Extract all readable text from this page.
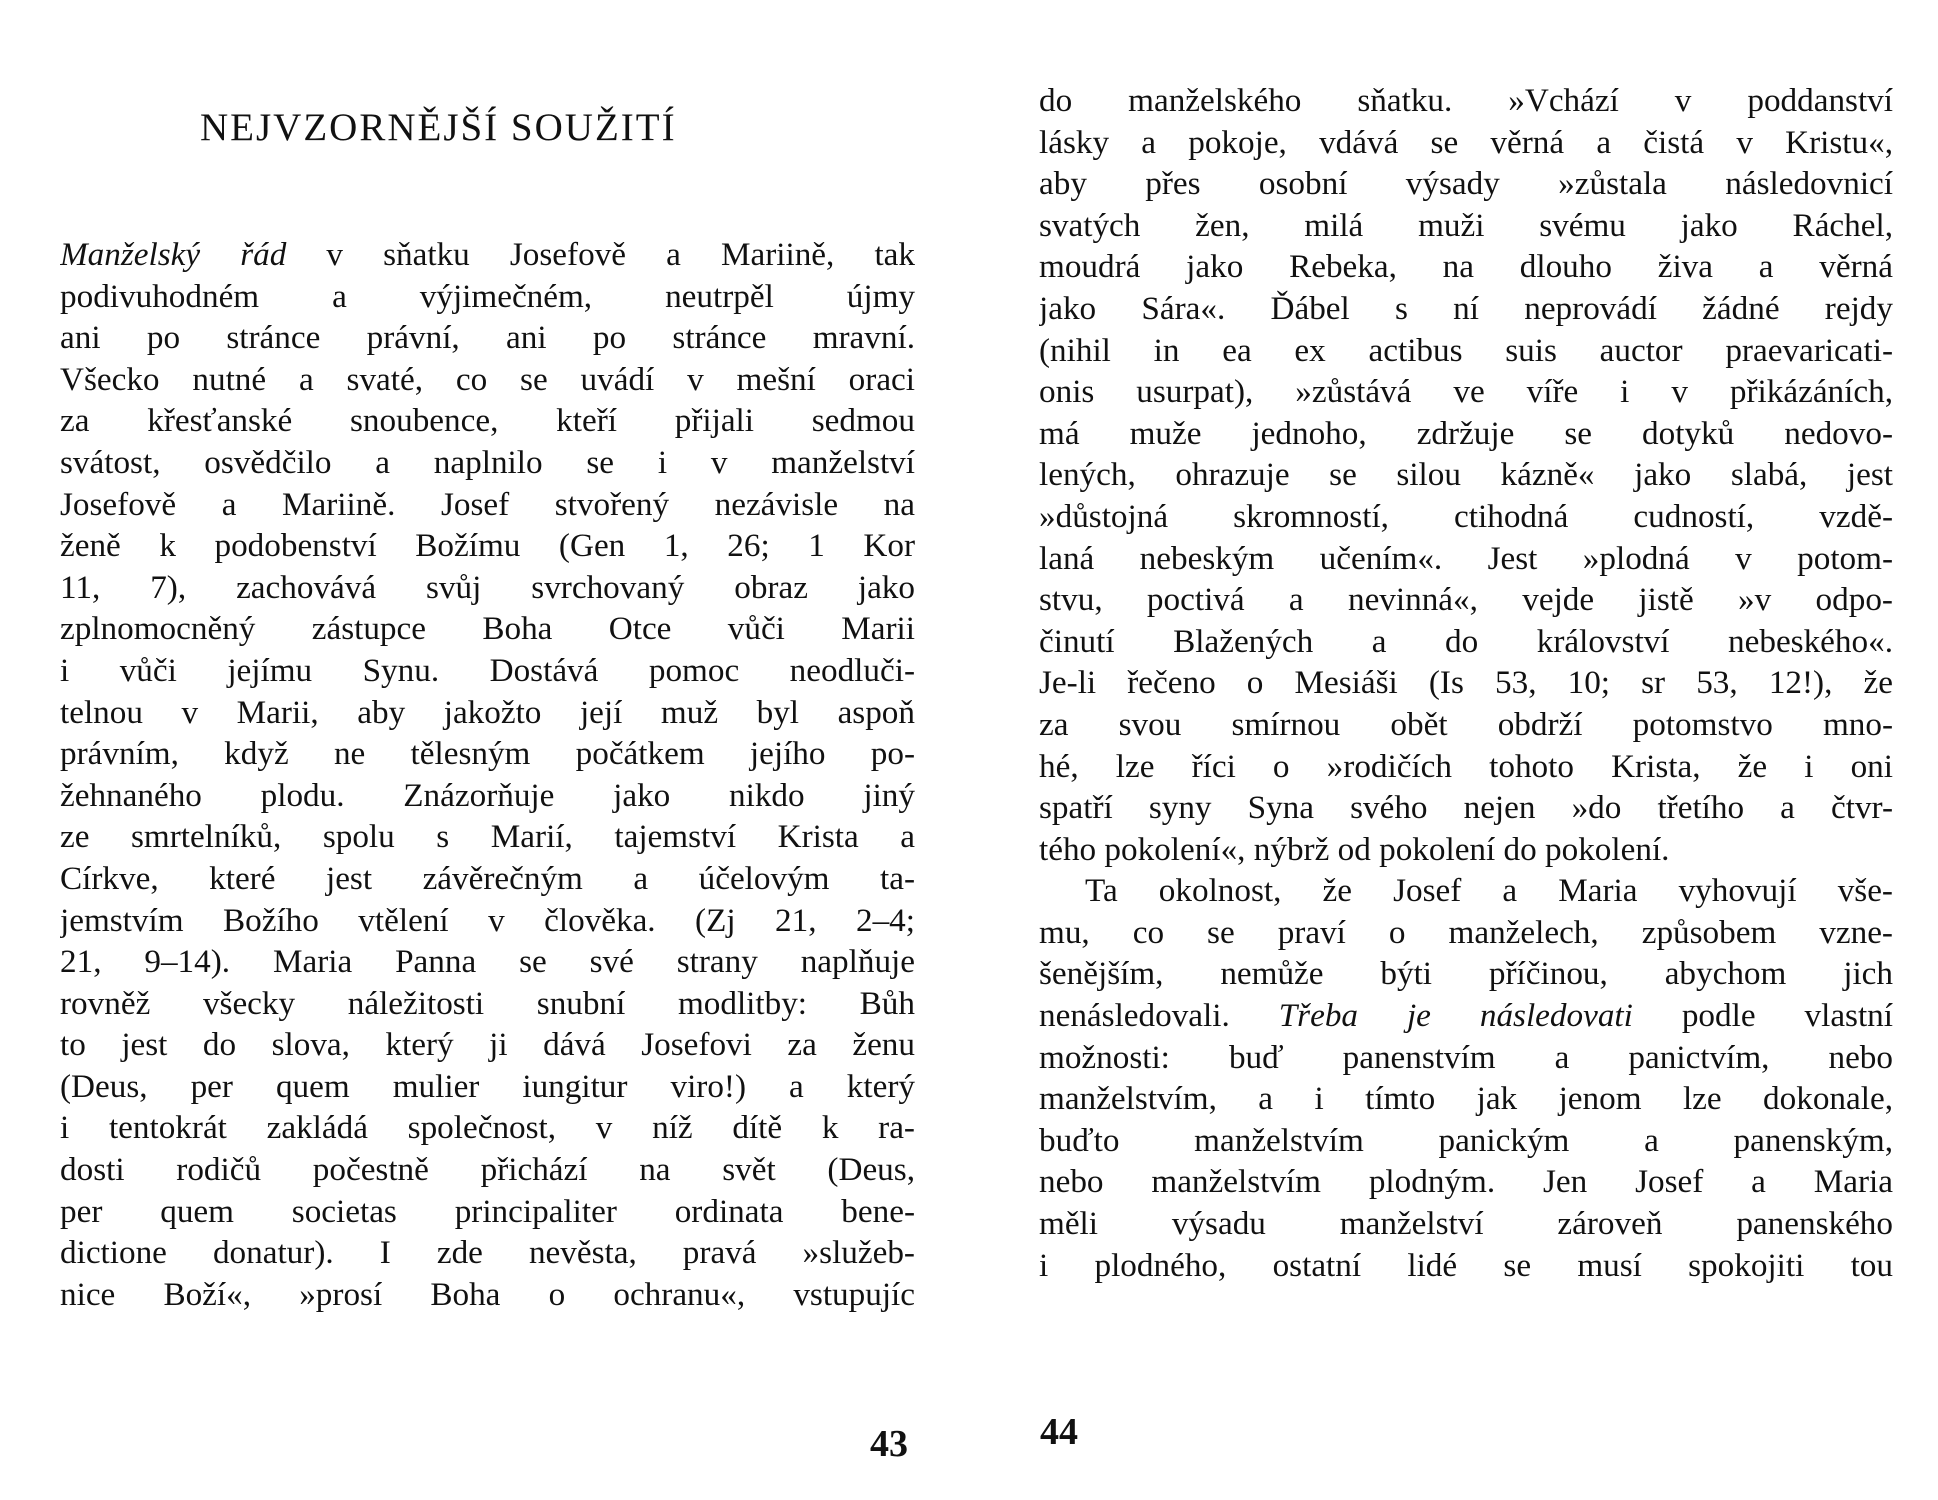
NEJVZORNĚJŠÍ SOUŽITÍ
Manželský řád v sňatku Josefově a Mariině, tak
podivuhodném a výjimečném, neutrpěl újmy
ani po stránce právní, ani po stránce mravní.
Všecko nutné a svaté, co se uvádí v mešní oraci
za křesťanské snoubence, kteří přijali sedmou
svátost, osvědčilo a naplnilo se i v manželství
Josefově a Mariině. Josef stvořený nezávisle na
ženě k podobenství Božímu (Gen 1, 26; 1 Kor
11, 7), zachovává svůj svrchovaný obraz jako
zplnomocněný zástupce Boha Otce vůči Marii
i vůči jejímu Synu. Dostává pomoc neodluči-
telnou v Marii, aby jakožto její muž byl aspoň
právním, když ne tělesným počátkem jejího po-
žehnaného plodu. Znázorňuje jako nikdo jiný
ze smrtelníků, spolu s Marií, tajemství Krista a
Církve, které jest závěrečným a účelovým ta-
jemstvím Božího vtělení v člověka. (Zj 21, 2–4;
21, 9–14). Maria Panna se své strany naplňuje
rovněž všecky náležitosti snubní modlitby: Bůh
to jest do slova, který ji dává Josefovi za ženu
(Deus, per quem mulier iungitur viro!) a který
i tentokrát zakládá společnost, v níž dítě k ra-
dosti rodičů počestně přichází na svět (Deus,
per quem societas principaliter ordinata bene-
dictione donatur). I zde nevěsta, pravá »služeb-
nice Boží«, »prosí Boha o ochranu«, vstupujíc
43
do manželského sňatku. »Vchází v poddanství
lásky a pokoje, vdává se věrná a čistá v Kristu«,
aby přes osobní výsady »zůstala následovnicí
svatých žen, milá muži svému jako Ráchel,
moudrá jako Rebeka, na dlouho živa a věrná
jako Sára«. Ďábel s ní neprovádí žádné rejdy
(nihil in ea ex actibus suis auctor praevaricati-
onis usurpat), »zůstává ve víře i v přikázáních,
má muže jednoho, zdržuje se dotyků nedovo-
lených, ohrazuje se silou kázně« jako slabá, jest
»důstojná skromností, ctihodná cudností, vzdě-
laná nebeským učením«. Jest »plodná v potom-
stvu, poctivá a nevinná«, vejde jistě »v odpo-
činutí Blažených a do království nebeského«.
Je-li řečeno o Mesiáši (Is 53, 10; sr 53, 12!), že
za svou smírnou obět obdrží potomstvo mno-
hé, lze říci o »rodičích tohoto Krista, že i oni
spatří syny Syna svého nejen »do třetího a čtvr-
tého pokolení«, nýbrž od pokolení do pokolení.
Ta okolnost, že Josef a Maria vyhovují vše-
mu, co se praví o manželech, způsobem vzne-
šenějším, nemůže býti příčinou, abychom jich
nenásledovali. Třeba je následovati podle vlastní
možnosti: buď panenstvím a panictvím, nebo
manželstvím, a i tímto jak jenom lze dokonale,
buďto manželstvím panickým a panenským,
nebo manželstvím plodným. Jen Josef a Maria
měli výsadu manželství zároveň panenského
i plodného, ostatní lidé se musí spokojiti tou
44
